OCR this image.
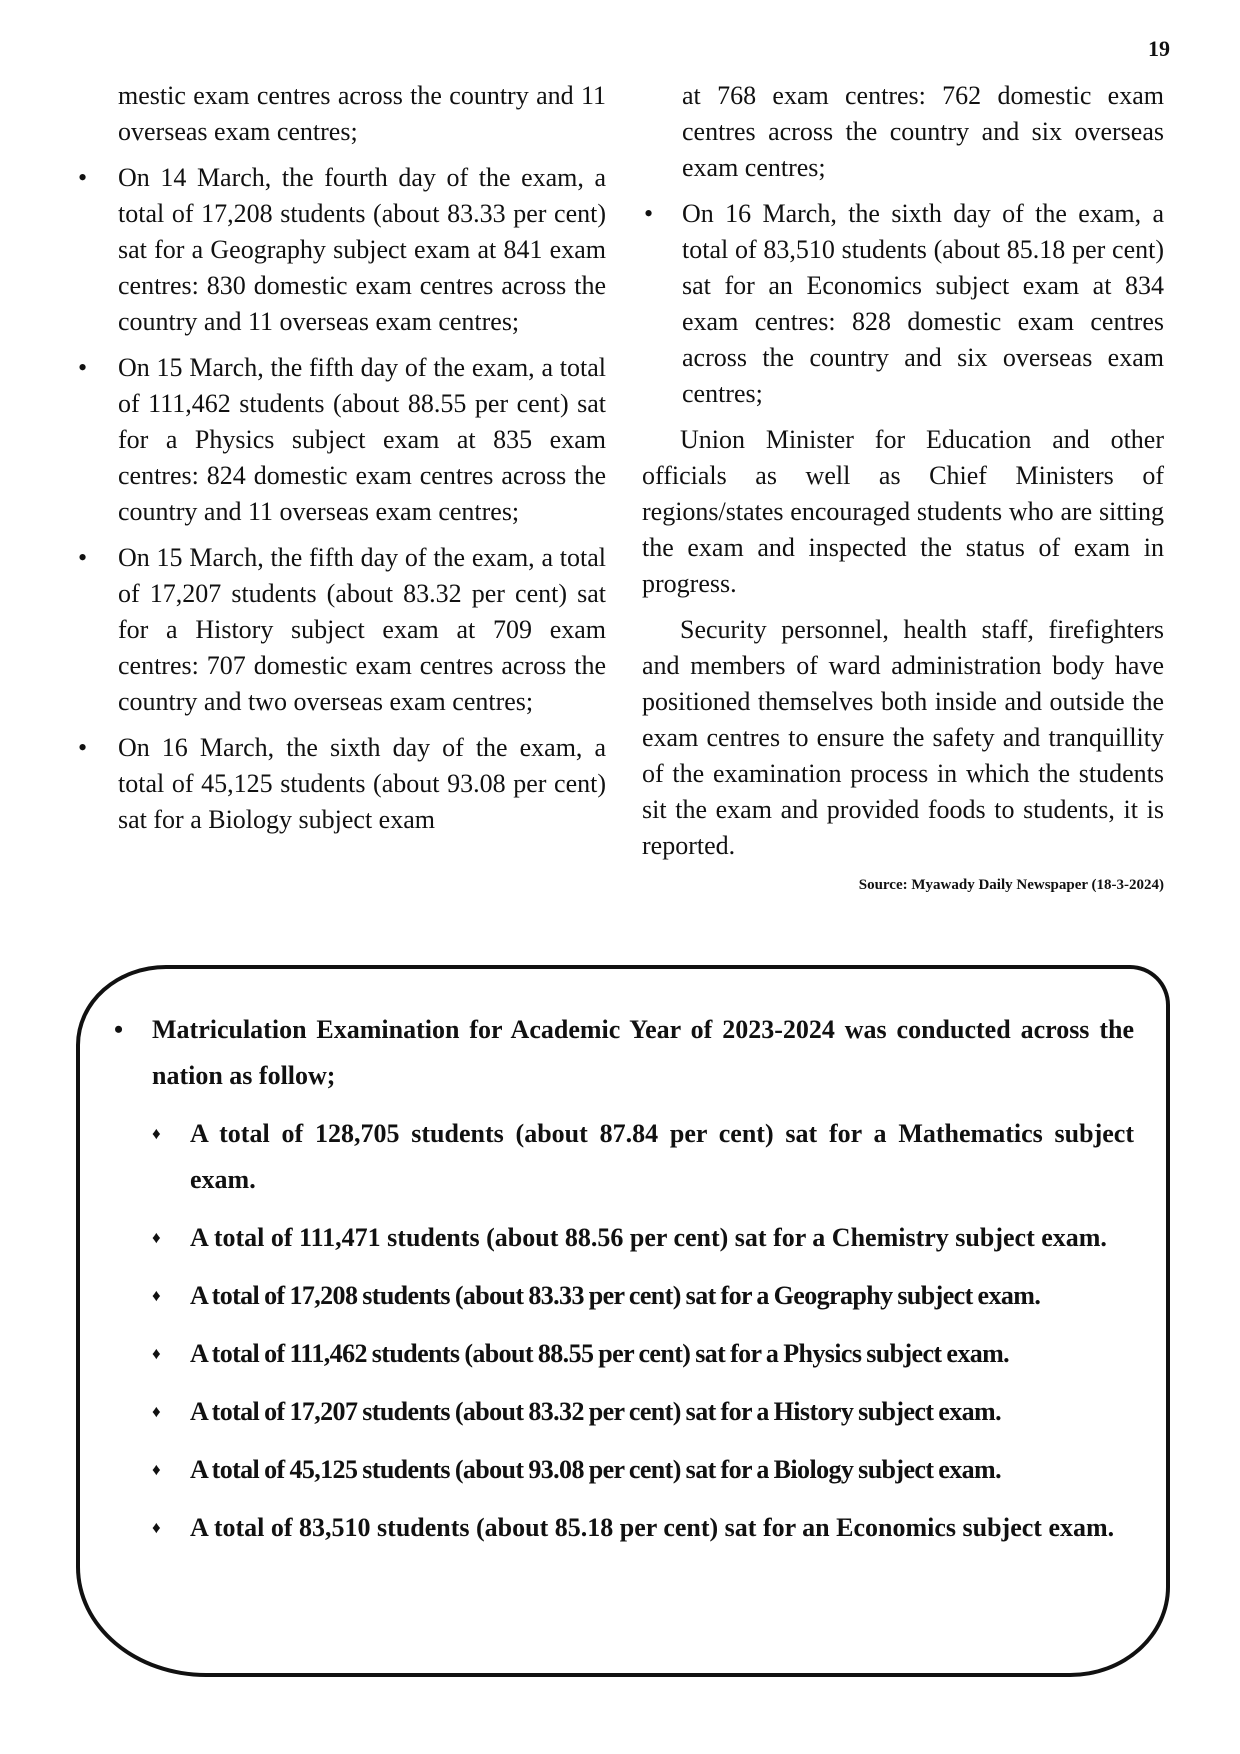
19

mestic exam centres across the country and 11 overseas exam centres;

• On 14 March, the fourth day of the exam, a total of 17,208 students (about 83.33 per cent) sat for a Geography subject exam at 841 exam centres: 830 domestic exam centres across the country and 11 overseas exam centres;
• On 15 March, the fifth day of the exam, a total of 111,462 students (about 88.55 per cent) sat for a Physics subject exam at 835 exam centres: 824 domestic exam centres across the country and 11 overseas exam centres;
• On 15 March, the fifth day of the exam, a total of 17,207 students (about 83.32 per cent) sat for a History subject exam at 709 exam centres: 707 domestic exam centres across the country and two overseas exam centres;
• On 16 March, the sixth day of the exam, a total of 45,125 students (about 93.08 per cent) sat for a Biology subject exam

at 768 exam centres: 762 domestic exam centres across the country and six overseas exam centres;

• On 16 March, the sixth day of the exam, a total of 83,510 students (about 85.18 per cent) sat for an Economics subject exam at 834 exam centres: 828 domestic exam centres across the country and six overseas exam centres;

Union Minister for Education and other officials as well as Chief Ministers of regions/states encouraged students who are sitting the exam and inspected the status of exam in progress.

Security personnel, health staff, firefighters and members of ward administration body have positioned themselves both inside and outside the exam centres to ensure the safety and tranquillity of the examination process in which the students sit the exam and provided foods to students, it is reported.

Source: Myawady Daily Newspaper (18-3-2024)

• Matriculation Examination for Academic Year of 2023-2024 was conducted across the nation as follow;

♦ A total of 128,705 students (about 87.84 per cent) sat for a Mathematics subject exam.
♦ A total of 111,471 students (about 88.56 per cent) sat for a Chemistry subject exam.
♦ A total of 17,208 students (about 83.33 per cent) sat for a Geography subject exam.
♦ A total of 111,462 students (about 88.55 per cent) sat for a Physics subject exam.
♦ A total of 17,207 students (about 83.32 per cent) sat for a History subject exam.
♦ A total of 45,125 students (about 93.08 per cent) sat for a Biology subject exam.
♦ A total of 83,510 students (about 85.18 per cent) sat for an Economics subject exam.
